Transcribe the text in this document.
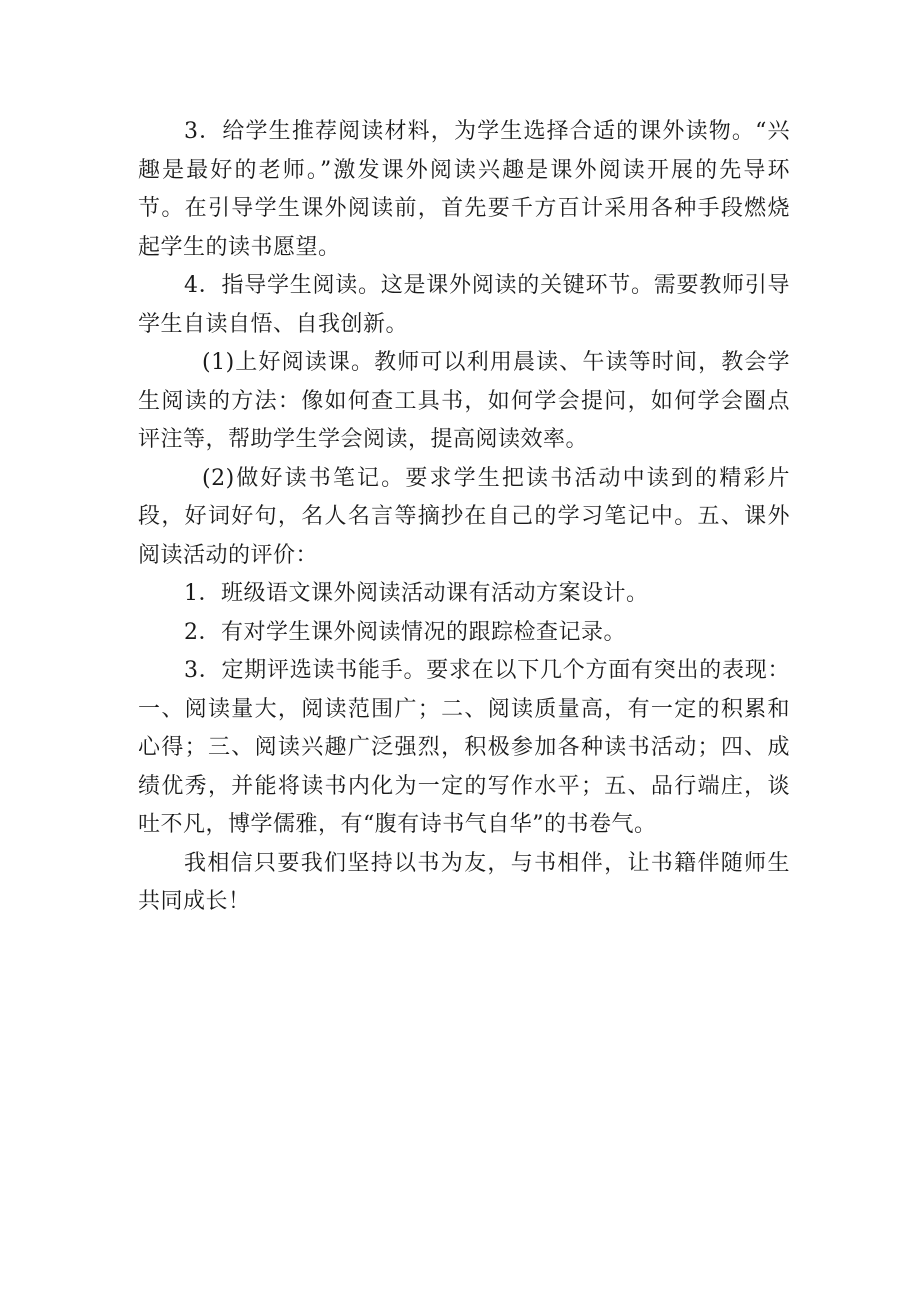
3．给学生推荐阅读材料，为学生选择合适的课外读物。“兴趣是最好的老师。”激发课外阅读兴趣是课外阅读开展的先导环节。在引导学生课外阅读前，首先要千方百计采用各种手段燃烧起学生的读书愿望。

4．指导学生阅读。这是课外阅读的关键环节。需要教师引导学生自读自悟、自我创新。

(1)上好阅读课。教师可以利用晨读、午读等时间，教会学生阅读的方法：像如何查工具书，如何学会提问，如何学会圈点评注等，帮助学生学会阅读，提高阅读效率。

(2)做好读书笔记。要求学生把读书活动中读到的精彩片段，好词好句，名人名言等摘抄在自己的学习笔记中。五、课外阅读活动的评价：

1．班级语文课外阅读活动课有活动方案设计。

2．有对学生课外阅读情况的跟踪检查记录。

3．定期评选读书能手。要求在以下几个方面有突出的表现：一、阅读量大，阅读范围广；二、阅读质量高，有一定的积累和心得；三、阅读兴趣广泛强烈，积极参加各种读书活动；四、成绩优秀，并能将读书内化为一定的写作水平；五、品行端庄，谈吐不凡，博学儒雅，有“腹有诗书气自华”的书卷气。

我相信只要我们坚持以书为友，与书相伴，让书籍伴随师生共同成长！
